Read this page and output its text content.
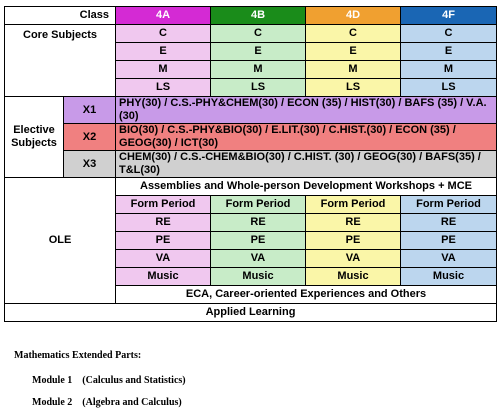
Class		4A	4B	4D	4F
Core Subjects		C	C	C	C
		E	E	E	E
		M	M	M	M
		LS	LS	LS	LS
Elective Subjects	X1	PHY(30) / C.S.-PHY&CHEM(30) / ECON (35) / HIST(30) / BAFS (35) / V.A.(30)			
	X2	BIO(30) / C.S.-PHY&BIO(30) / E.LIT.(30) / C.HIST.(30) / ECON (35) / GEOG(30) / ICT(30)			
	X3	CHEM(30) / C.S.-CHEM&BIO(30) / C.HIST. (30) / GEOG(30) / BAFS(35) / T&L(30)			
OLE		Assemblies and Whole-person Development Workshops + MCE			
		Form Period	Form Period	Form Period	Form Period
		RE	RE	RE	RE
		PE	PE	PE	PE
		VA	VA	VA	VA
		Music	Music	Music	Music
		ECA, Career-oriented Experiences and Others			

Applied Learning					
Mathematics Extended Parts:
Module 1    (Calculus and Statistics)
Module 2    (Algebra and Calculus)
